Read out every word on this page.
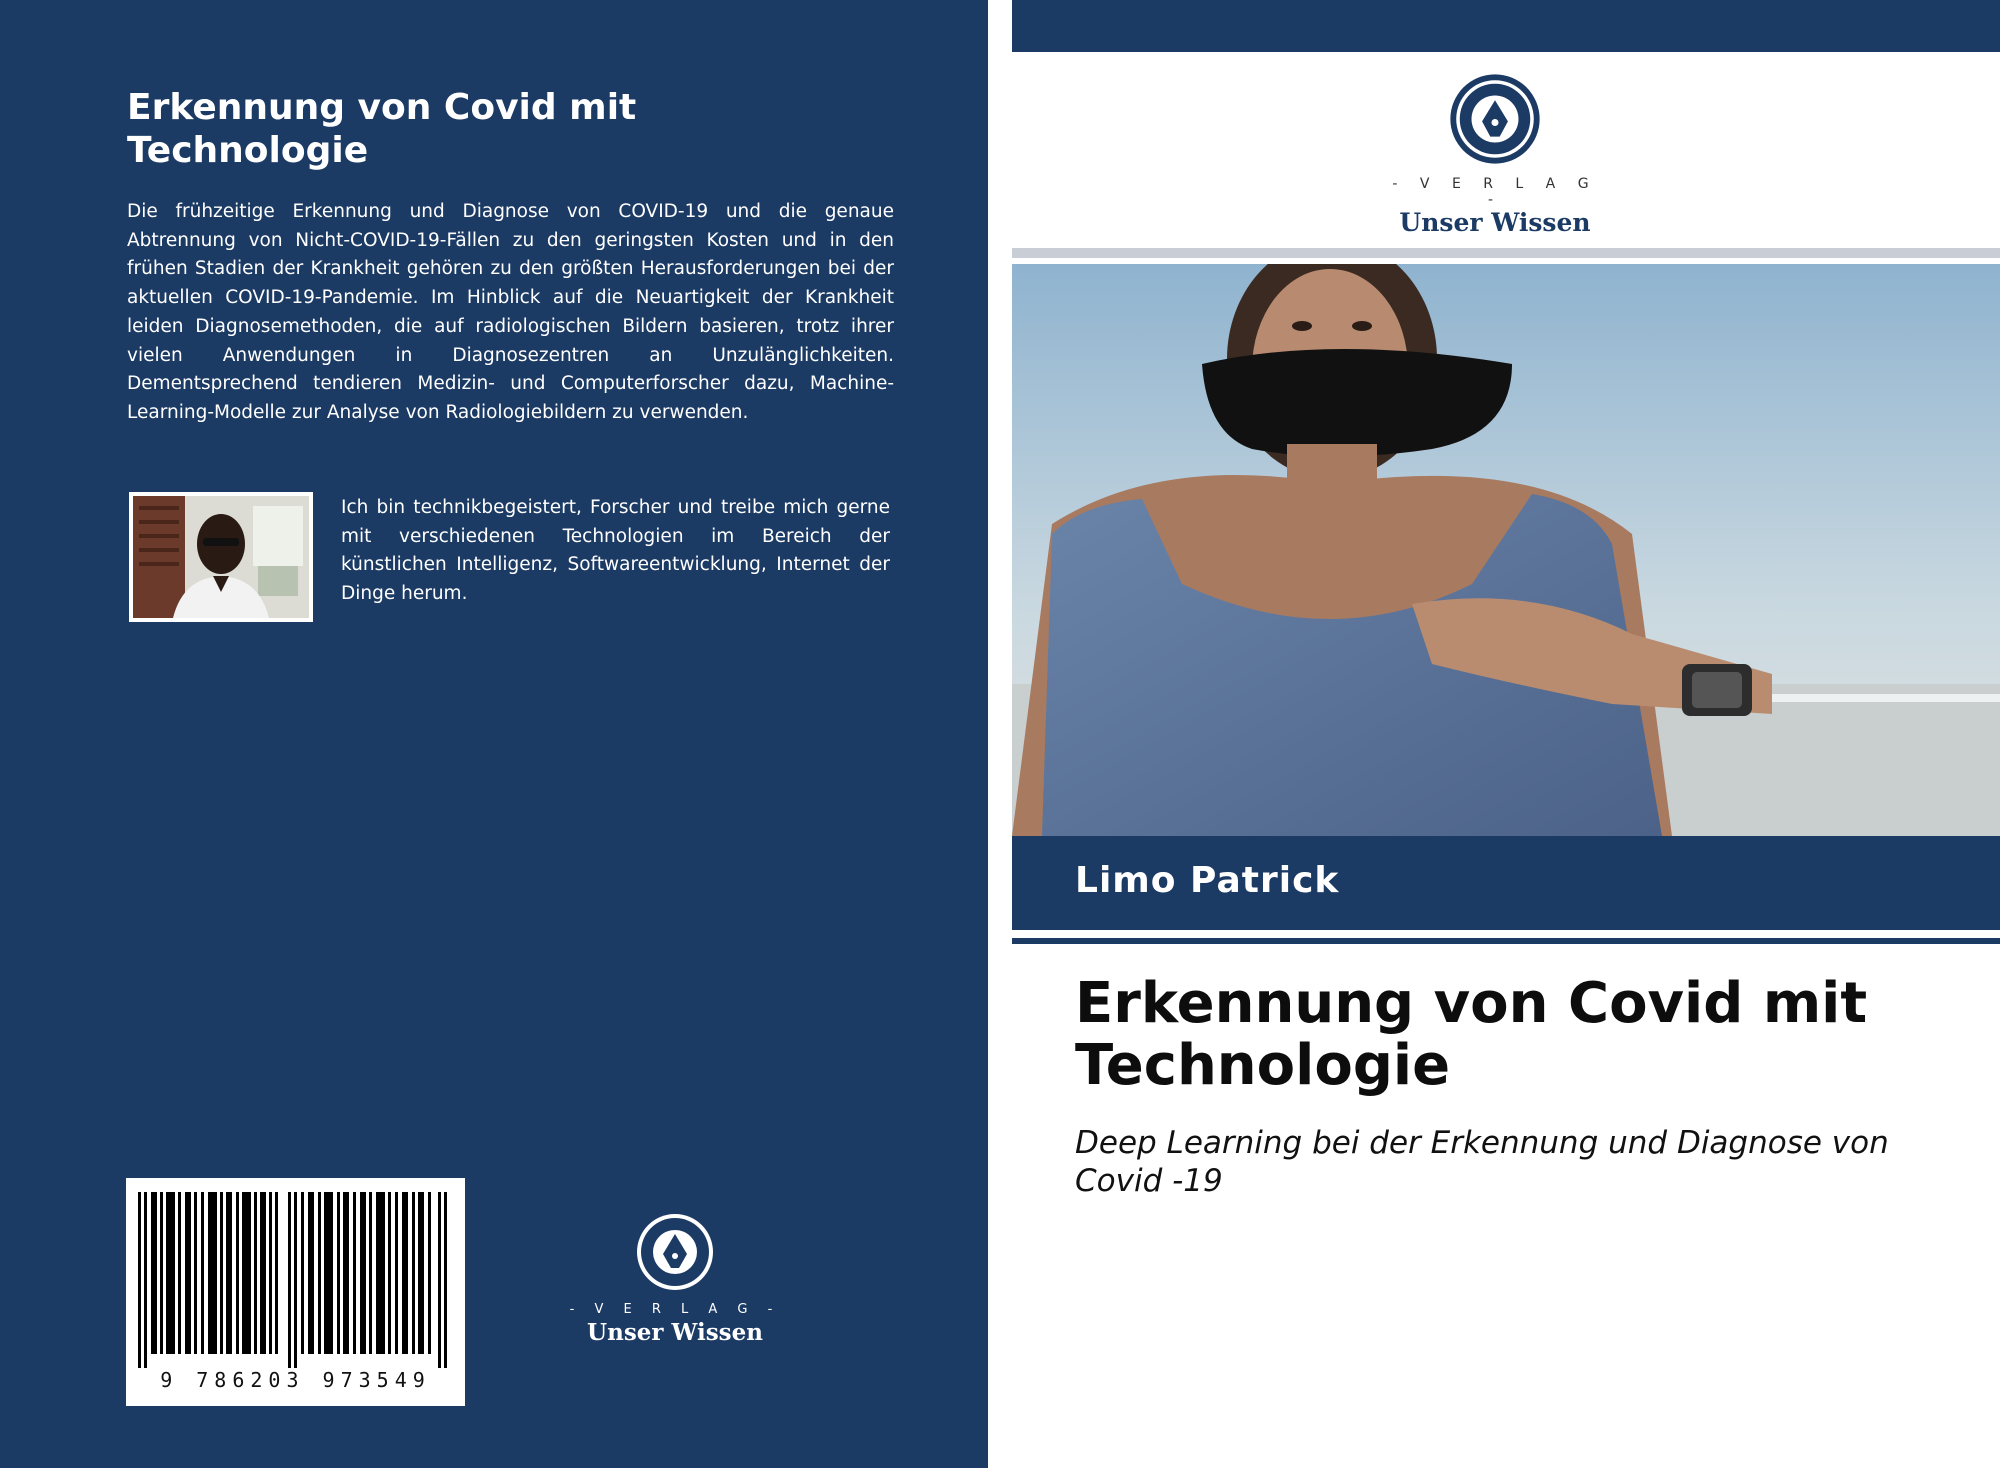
Erkennung von Covid mit Technologie

Die frühzeitige Erkennung und Diagnose von COVID-19 und die genaue Abtrennung von Nicht-COVID-19-Fällen zu den geringsten Kosten und in den frühen Stadien der Krankheit gehören zu den größten Herausforderungen bei der aktuellen COVID-19-Pandemie. Im Hinblick auf die Neuartigkeit der Krankheit leiden Diagnosemethoden, die auf radiologischen Bildern basieren, trotz ihrer vielen Anwendungen in Diagnosezentren an Unzulänglichkeiten. Dementsprechend tendieren Medizin- und Computerforscher dazu, Machine-Learning-Modelle zur Analyse von Radiologiebildern zu verwenden.

Ich bin technikbegeistert, Forscher und treibe mich gerne mit verschiedenen Technologien im Bereich der künstlichen Intelligenz, Softwareentwicklung, Internet der Dinge herum.

9 786203 973549
- V E R L A G -
Unser Wissen
- V E R L A G -
Unser Wissen
Limo Patrick
Erkennung von Covid mit Technologie

Deep Learning bei der Erkennung und Diagnose von Covid -19
